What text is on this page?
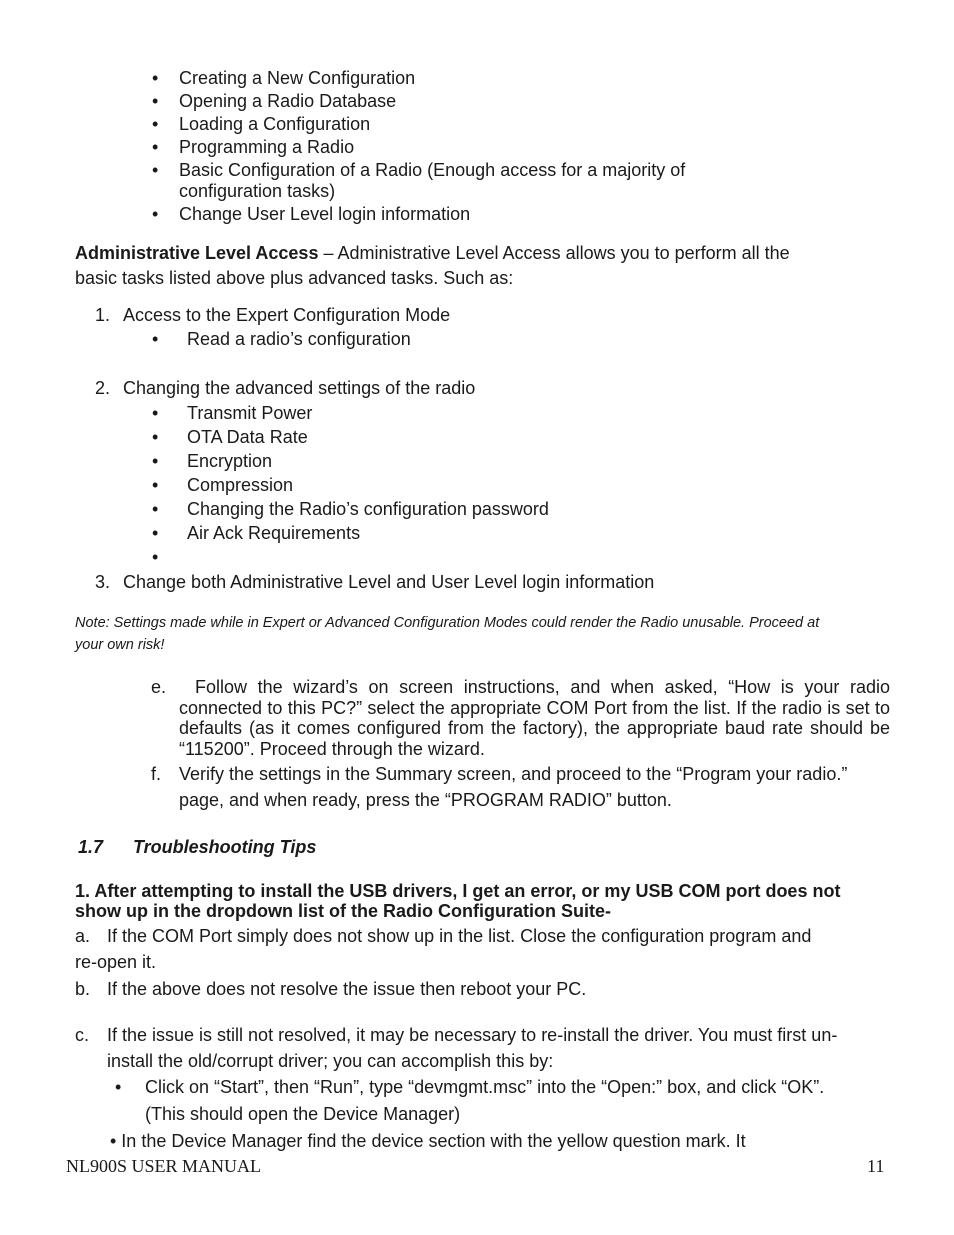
• Creating a New Configuration
• Opening a Radio Database
• Loading a Configuration
• Programming a Radio
• Basic Configuration of a Radio (Enough access for a majority of
configuration tasks)
• Change User Level login information
Administrative Level Access – Administrative Level Access allows you to perform all the
basic tasks listed above plus advanced tasks. Such as:
1. Access to the Expert Configuration Mode
• Read a radio’s configuration
2. Changing the advanced settings of the radio
• Transmit Power
• OTA Data Rate
• Encryption
• Compression
• Changing the Radio’s configuration password
• Air Ack Requirements
•
3. Change both Administrative Level and User Level login information
Note: Settings made while in Expert or Advanced Configuration Modes could render the Radio unusable. Proceed at
your own risk!
e.	Follow the wizard’s on screen instructions, and when asked, “How is your radio connected to this PC?” select the appropriate COM Port from the list. If the radio is set to defaults (as it comes configured from the factory), the appropriate baud rate should be “115200”. Proceed through the wizard.
f. Verify the settings in the Summary screen, and proceed to the “Program your radio.”
page, and when ready, press the “PROGRAM RADIO” button.
1.7 Troubleshooting Tips
1. After attempting to install the USB drivers, I get an error, or my USB COM port does not
show up in the dropdown list of the Radio Configuration Suite-
a. If the COM Port simply does not show up in the list. Close the configuration program and
re-open it.
b. If the above does not resolve the issue then reboot your PC.
c. If the issue is still not resolved, it may be necessary to re-install the driver. You must first un-
install the old/corrupt driver; you can accomplish this by:
• Click on “Start”, then “Run”, type “devmgmt.msc” into the “Open:” box, and click “OK”.
(This should open the Device Manager)
• In the Device Manager find the device section with the yellow question mark. It
NL900S USER MANUAL	11
